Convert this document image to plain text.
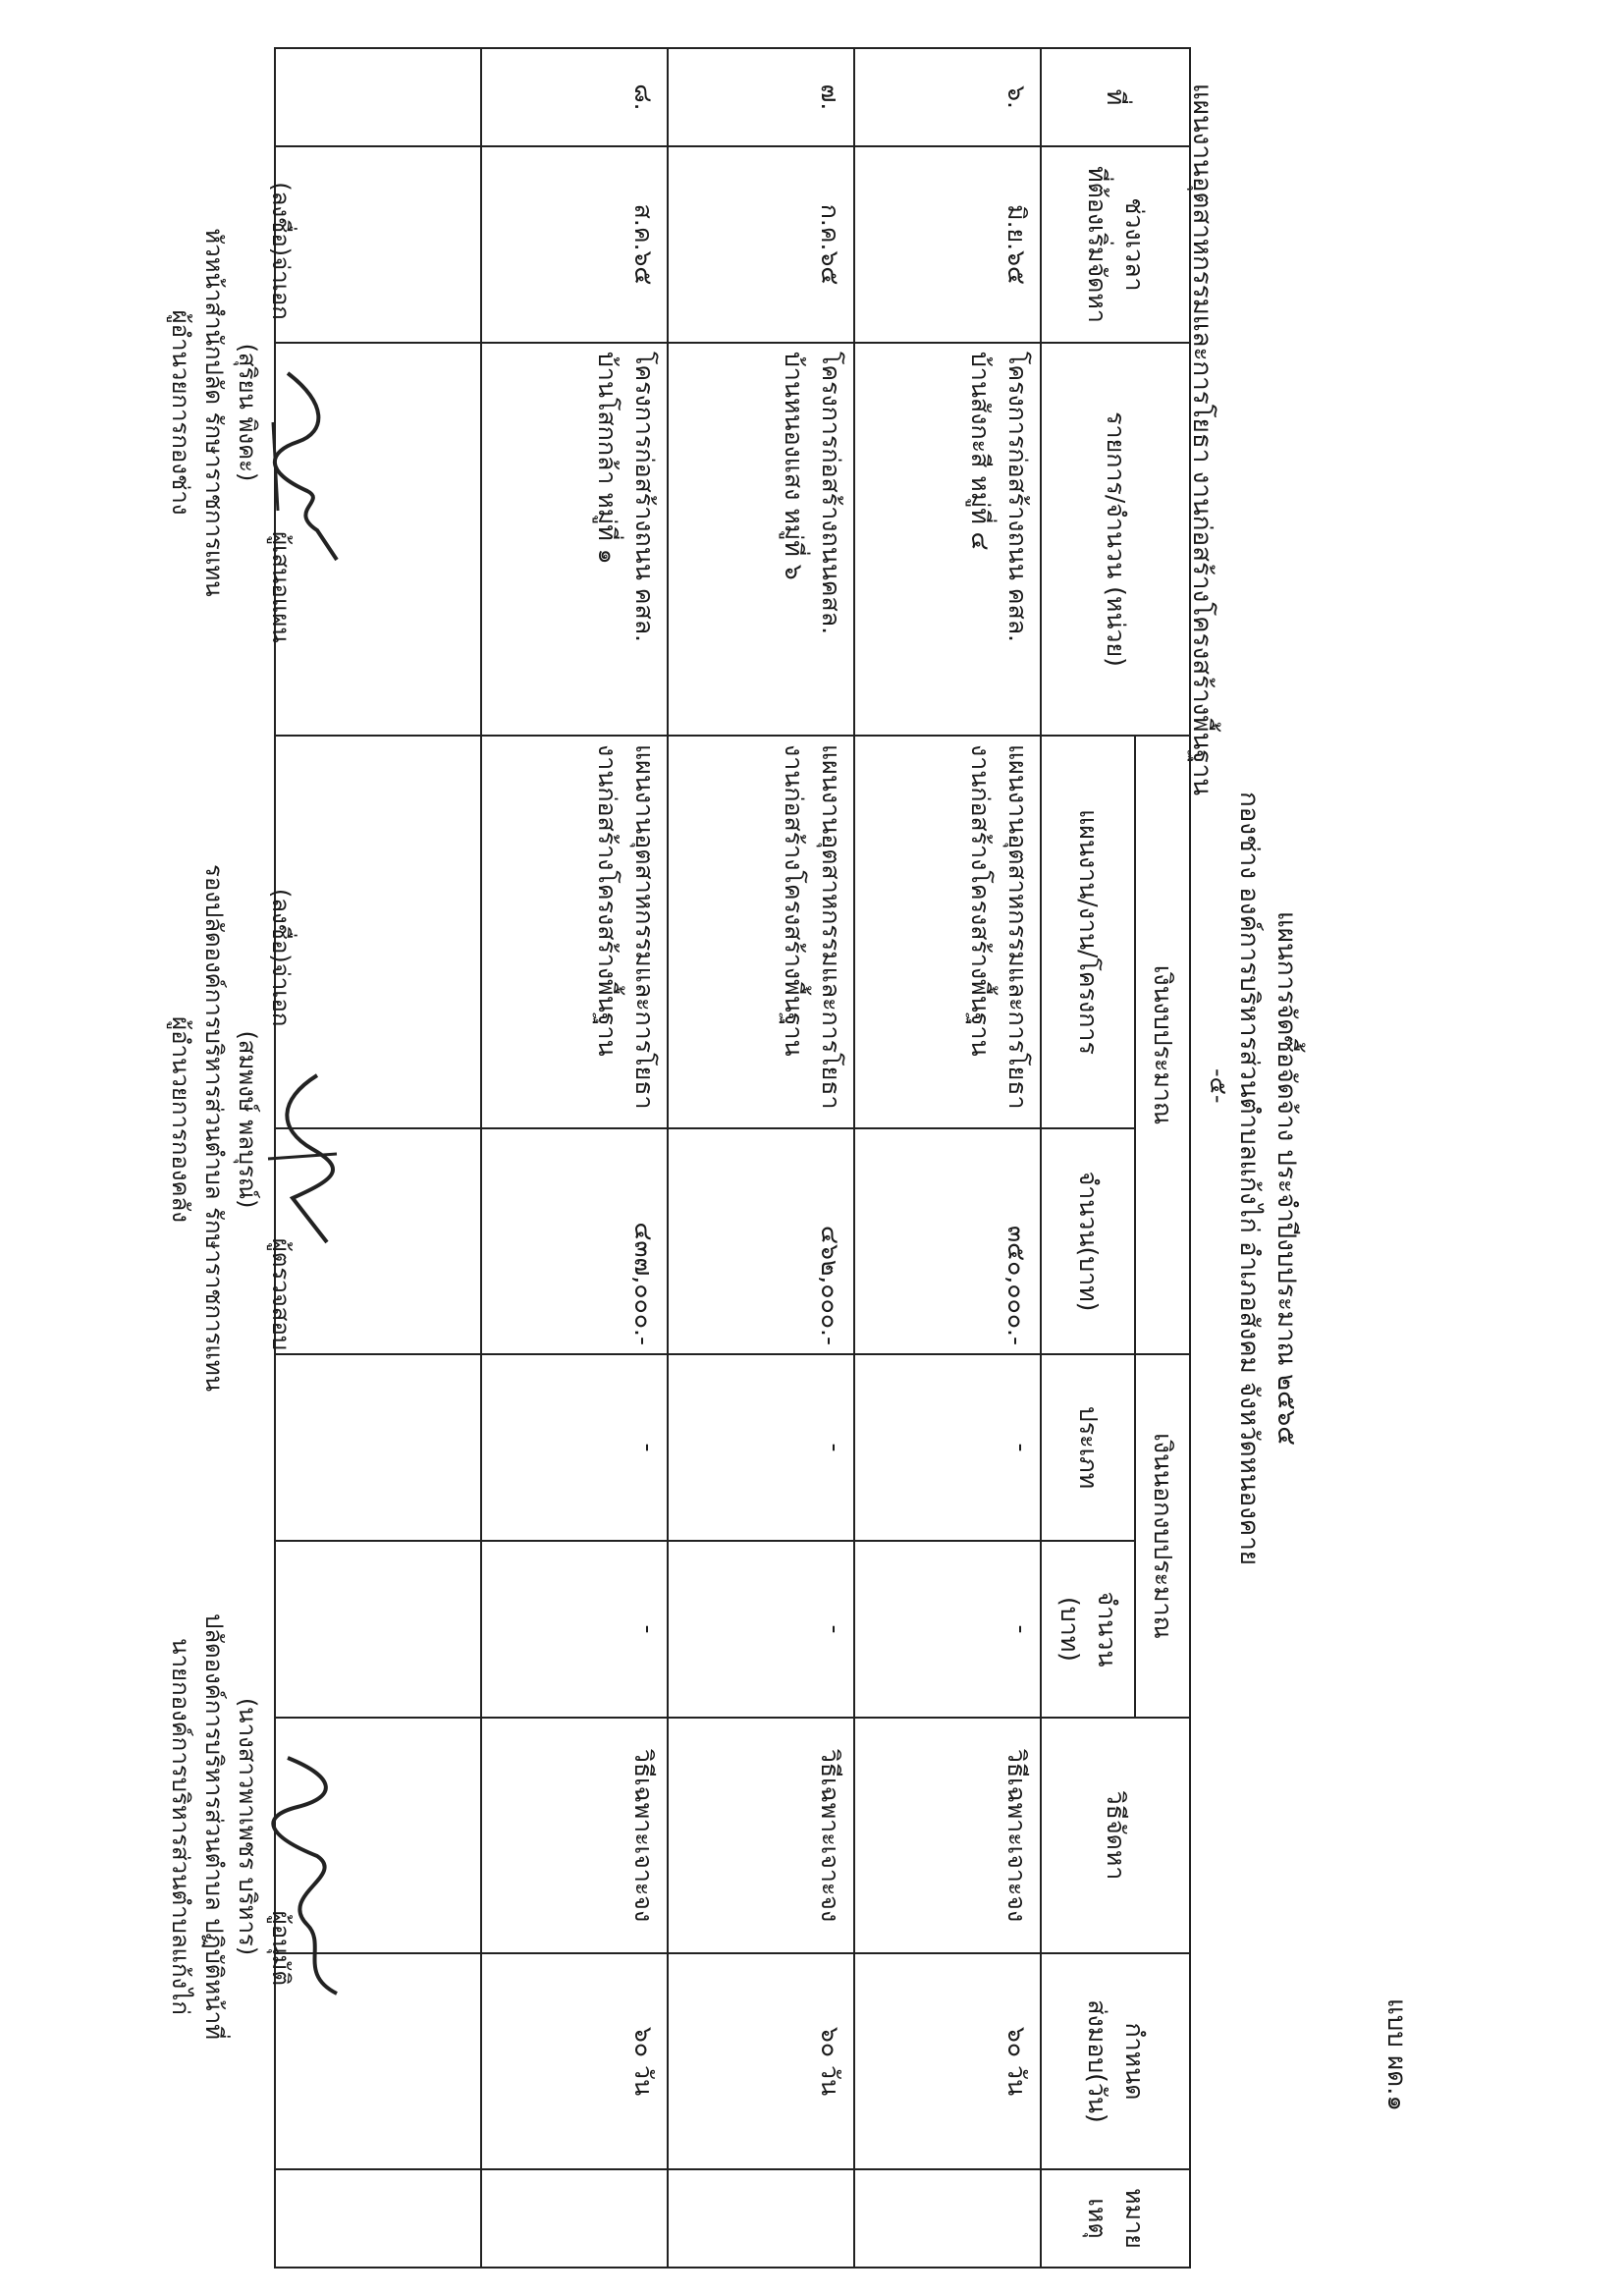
แบบ ผด.๑
-๕- แผนการจัดซื้อจัดจ้าง ประจำปีงบประมาณ ๒๕๖๕
กองช่าง องค์การบริหารส่วนตำบลแก้งไก่ อำเภอสังคม จังหวัดหนองคาย
แผนงานอุตสาหกรรมและการโยธา งานก่อสร้างโครงสร้างพื้นฐาน
ที่	ช่วงเวลา
ที่ต้องเริ่มจัดหา	รายการ/จำนวน (หน่วย)	เงินงบประมาณ		เงินนอกงบประมาณ		วิธีจัดหา	กำหนด
ส่งมอบ(วัน)	หมาย
เหตุ

			แผนงาน/งาน/โครงการ	จำนวน(บาท)	ประเภท	จำนวน
(บาท)			

๖.	มิ.ย.๖๕	โครงการก่อสร้างถนน คสล.
บ้านสังกะสี หมู่ที่ ๔	แผนงานอุตสาหกรรมและการโยธา
งานก่อสร้างโครงสร้างพื้นฐาน	๓๕๐,๐๐๐.-	-	-	วิธีเฉพาะเจาะจง	๖๐ วัน	
๗.	ก.ค.๖๕	โครงการก่อสร้างถนนคสล.
บ้านหนองแสง หมู่ที่ ๖	แผนงานอุตสาหกรรมและการโยธา
งานก่อสร้างโครงสร้างพื้นฐาน	๔๖๒,๐๐๐.-	-	-	วิธีเฉพาะเจาะจง	๖๐ วัน	
๘.	ส.ค.๖๕	โครงการก่อสร้างถนน คสล.
บ้านโสกกล้า หมู่ที่ ๑	แผนงานอุตสาหกรรมและการโยธา
งานก่อสร้างโครงสร้างพื้นฐาน	๔๓๗,๐๐๐.-	-	-	วิธีเฉพาะเจาะจง	๖๐ วัน	

(ลงชื่อ)จ่าเอก  ผู้เสนอแผน
(สุริยน พิงคะ)
หัวหน้าสำนักปลัด รักษาราชการแทน
ผู้อำนวยการกองช่าง
(ลงชื่อ)จ่าเอก  ผู้ตรวจสอบ
(สมพงษ์ พลบุรณ์)
รองปลัดองค์การบริหารส่วนตำบล รักษาราชการแทน
ผู้อำนวยการกองคลัง
ผู้อนุมัติ
(นางสาวพาเพชร บริหาร)
ปลัดองค์การบริหารส่วนตำบล ปฏิบัติหน้าที่
นายกองค์การบริหารส่วนตำบลแก้งไก่
